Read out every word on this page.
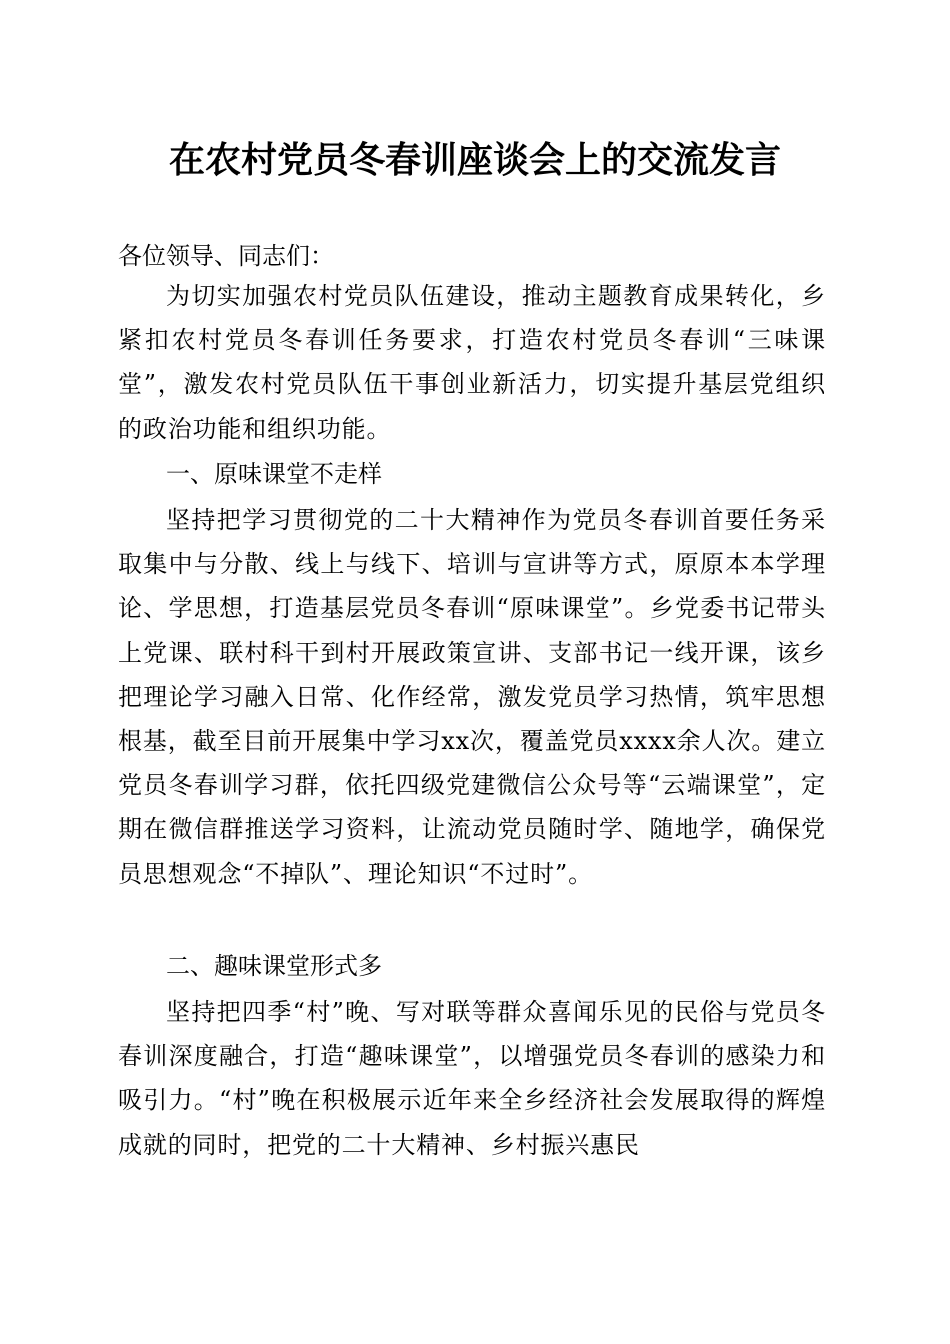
在农村党员冬春训座谈会上的交流发言
各位领导、同志们：

为切实加强农村党员队伍建设，推动主题教育成果转化，乡紧扣农村党员冬春训任务要求，打造农村党员冬春训“三味课堂”，激发农村党员队伍干事创业新活力，切实提升基层党组织的政治功能和组织功能。

一、原味课堂不走样

坚持把学习贯彻党的二十大精神作为党员冬春训首要任务采取集中与分散、线上与线下、培训与宣讲等方式，原原本本学理论、学思想，打造基层党员冬春训“原味课堂”。乡党委书记带头上党课、联村科干到村开展政策宣讲、支部书记一线开课，该乡把理论学习融入日常、化作经常，激发党员学习热情，筑牢思想根基，截至目前开展集中学习xx次，覆盖党员xxxx余人次。建立党员冬春训学习群，依托四级党建微信公众号等“云端课堂”，定期在微信群推送学习资料，让流动党员随时学、随地学，确保党员思想观念“不掉队”、理论知识“不过时”。

二、趣味课堂形式多

坚持把四季“村”晚、写对联等群众喜闻乐见的民俗与党员冬春训深度融合，打造“趣味课堂”，以增强党员冬春训的感染力和吸引力。“村”晚在积极展示近年来全乡经济社会发展取得的辉煌成就的同时，把党的二十大精神、乡村振兴惠民
